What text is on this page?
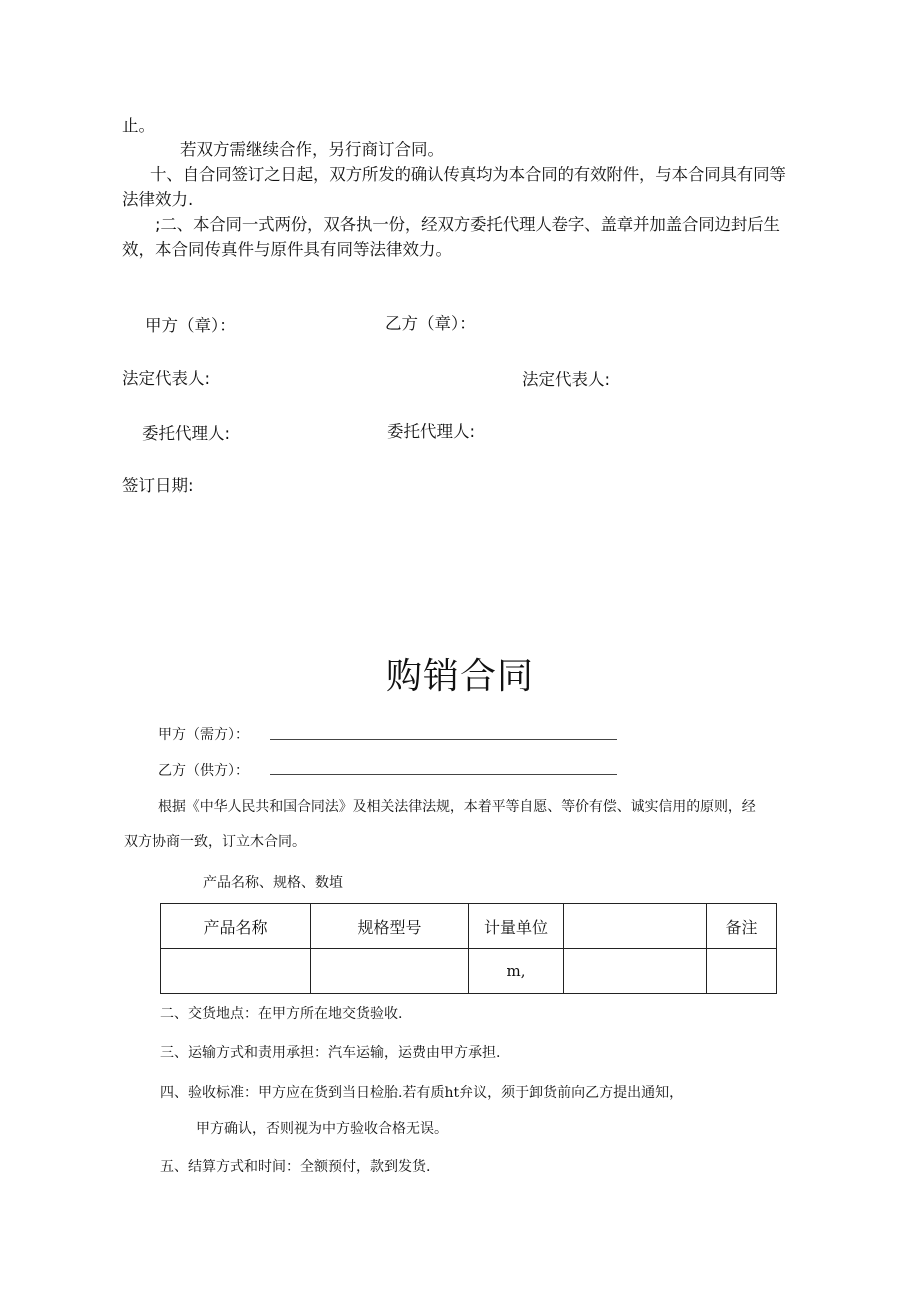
止。
若双方需继续合作，另行商订合同。
十、自合同签订之日起，双方所发的确认传真均为本合同的有效附件，与本合同具有同等
法律效力.
;二、本合同一式两份，双各执一份，经双方委托代理人卷字、盖章并加盖合同边封后生
效，本合同传真件与原件具有同等法律效力。
甲方（章）：	乙方（章）：
法定代表人:	法定代表人:
委托代理人:	委托代理人:
签订日期:
购销合同
甲方（需方）：
乙方（供方）：
根据《中华人民共和国合同法》及相关法律法规，本着平等自愿、等价有偿、诚实信用的原则，经
双方协商一致，订立木合同。
产品名称、规格、数埴
产品名称	规格型号	计量单位		备注
		m,		
二、交货地点：在甲方所在地交货验收.
三、运输方式和责用承担：汽车运输，运费由甲方承担.
四、验收标准：甲方应在货到当日检胎.若有质ht弁议，须于卸货前向乙方提出通知，
甲方确认，否则视为中方验收合格无误。
五、结算方式和时间：全额预付，款到发货.
